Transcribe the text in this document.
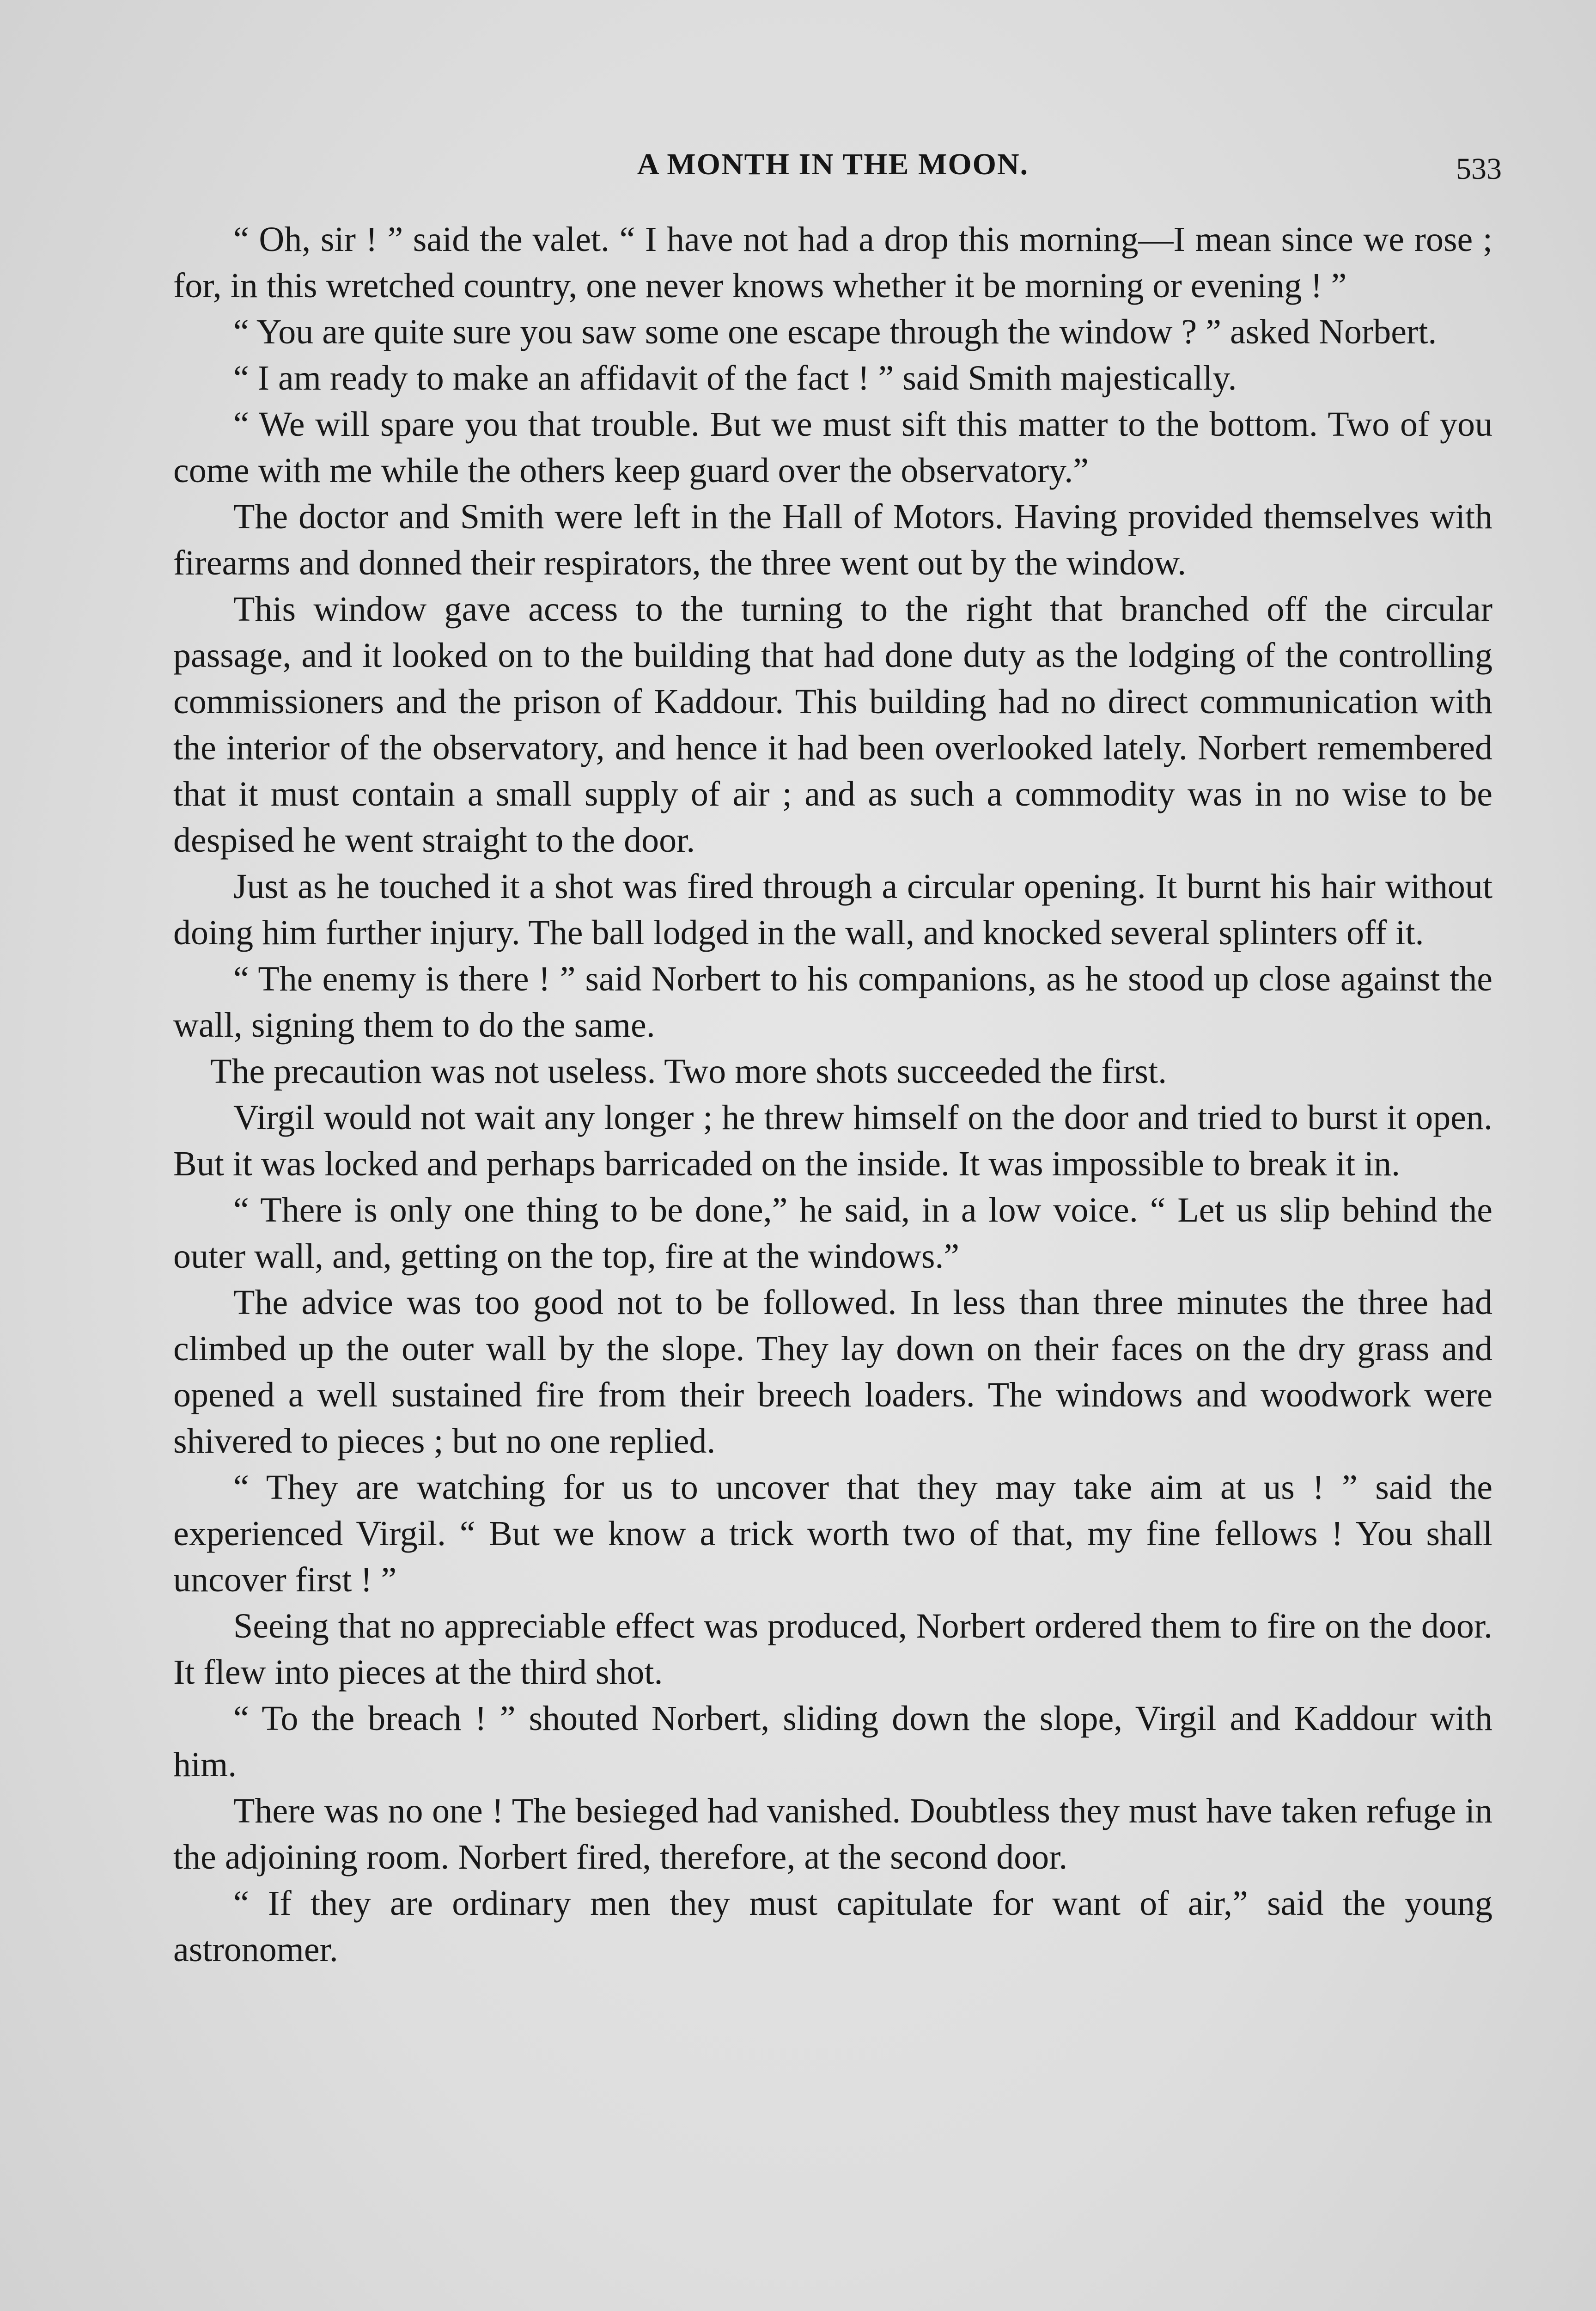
A MONTH IN THE MOON.	533

“ Oh, sir ! ” said the valet. “ I have not had a drop this morning—I mean since we rose ; for, in this wretched country, one never knows whether it be morning or evening ! ”

“ You are quite sure you saw some one escape through the window ? ” asked Norbert.

“ I am ready to make an affidavit of the fact ! ” said Smith majestically.

“ We will spare you that trouble. But we must sift this matter to the bottom. Two of you come with me while the others keep guard over the observatory.”

The doctor and Smith were left in the Hall of Motors. Having provided themselves with firearms and donned their respirators, the three went out by the window.

This window gave access to the turning to the right that branched off the circular passage, and it looked on to the building that had done duty as the lodging of the controlling commissioners and the prison of Kaddour. This building had no direct communication with the interior of the observatory, and hence it had been overlooked lately. Norbert remembered that it must contain a small supply of air ; and as such a commodity was in no wise to be despised he went straight to the door.

Just as he touched it a shot was fired through a circular opening. It burnt his hair without doing him further injury. The ball lodged in the wall, and knocked several splinters off it.

“ The enemy is there ! ” said Norbert to his companions, as he stood up close against the wall, signing them to do the same.

The precaution was not useless. Two more shots succeeded the first.

Virgil would not wait any longer ; he threw himself on the door and tried to burst it open. But it was locked and perhaps barricaded on the inside. It was impossible to break it in.

“ There is only one thing to be done,” he said, in a low voice. “ Let us slip behind the outer wall, and, getting on the top, fire at the windows.”

The advice was too good not to be followed. In less than three minutes the three had climbed up the outer wall by the slope. They lay down on their faces on the dry grass and opened a well sustained fire from their breech loaders. The windows and woodwork were shivered to pieces ; but no one replied.

“ They are watching for us to uncover that they may take aim at us ! ” said the experienced Virgil. “ But we know a trick worth two of that, my fine fellows ! You shall uncover first ! ”

Seeing that no appreciable effect was produced, Norbert ordered them to fire on the door. It flew into pieces at the third shot.

“ To the breach ! ” shouted Norbert, sliding down the slope, Virgil and Kaddour with him.

There was no one ! The besieged had vanished. Doubtless they must have taken refuge in the adjoining room. Norbert fired, therefore, at the second door.

“ If they are ordinary men they must capitulate for want of air,” said the young astronomer.
